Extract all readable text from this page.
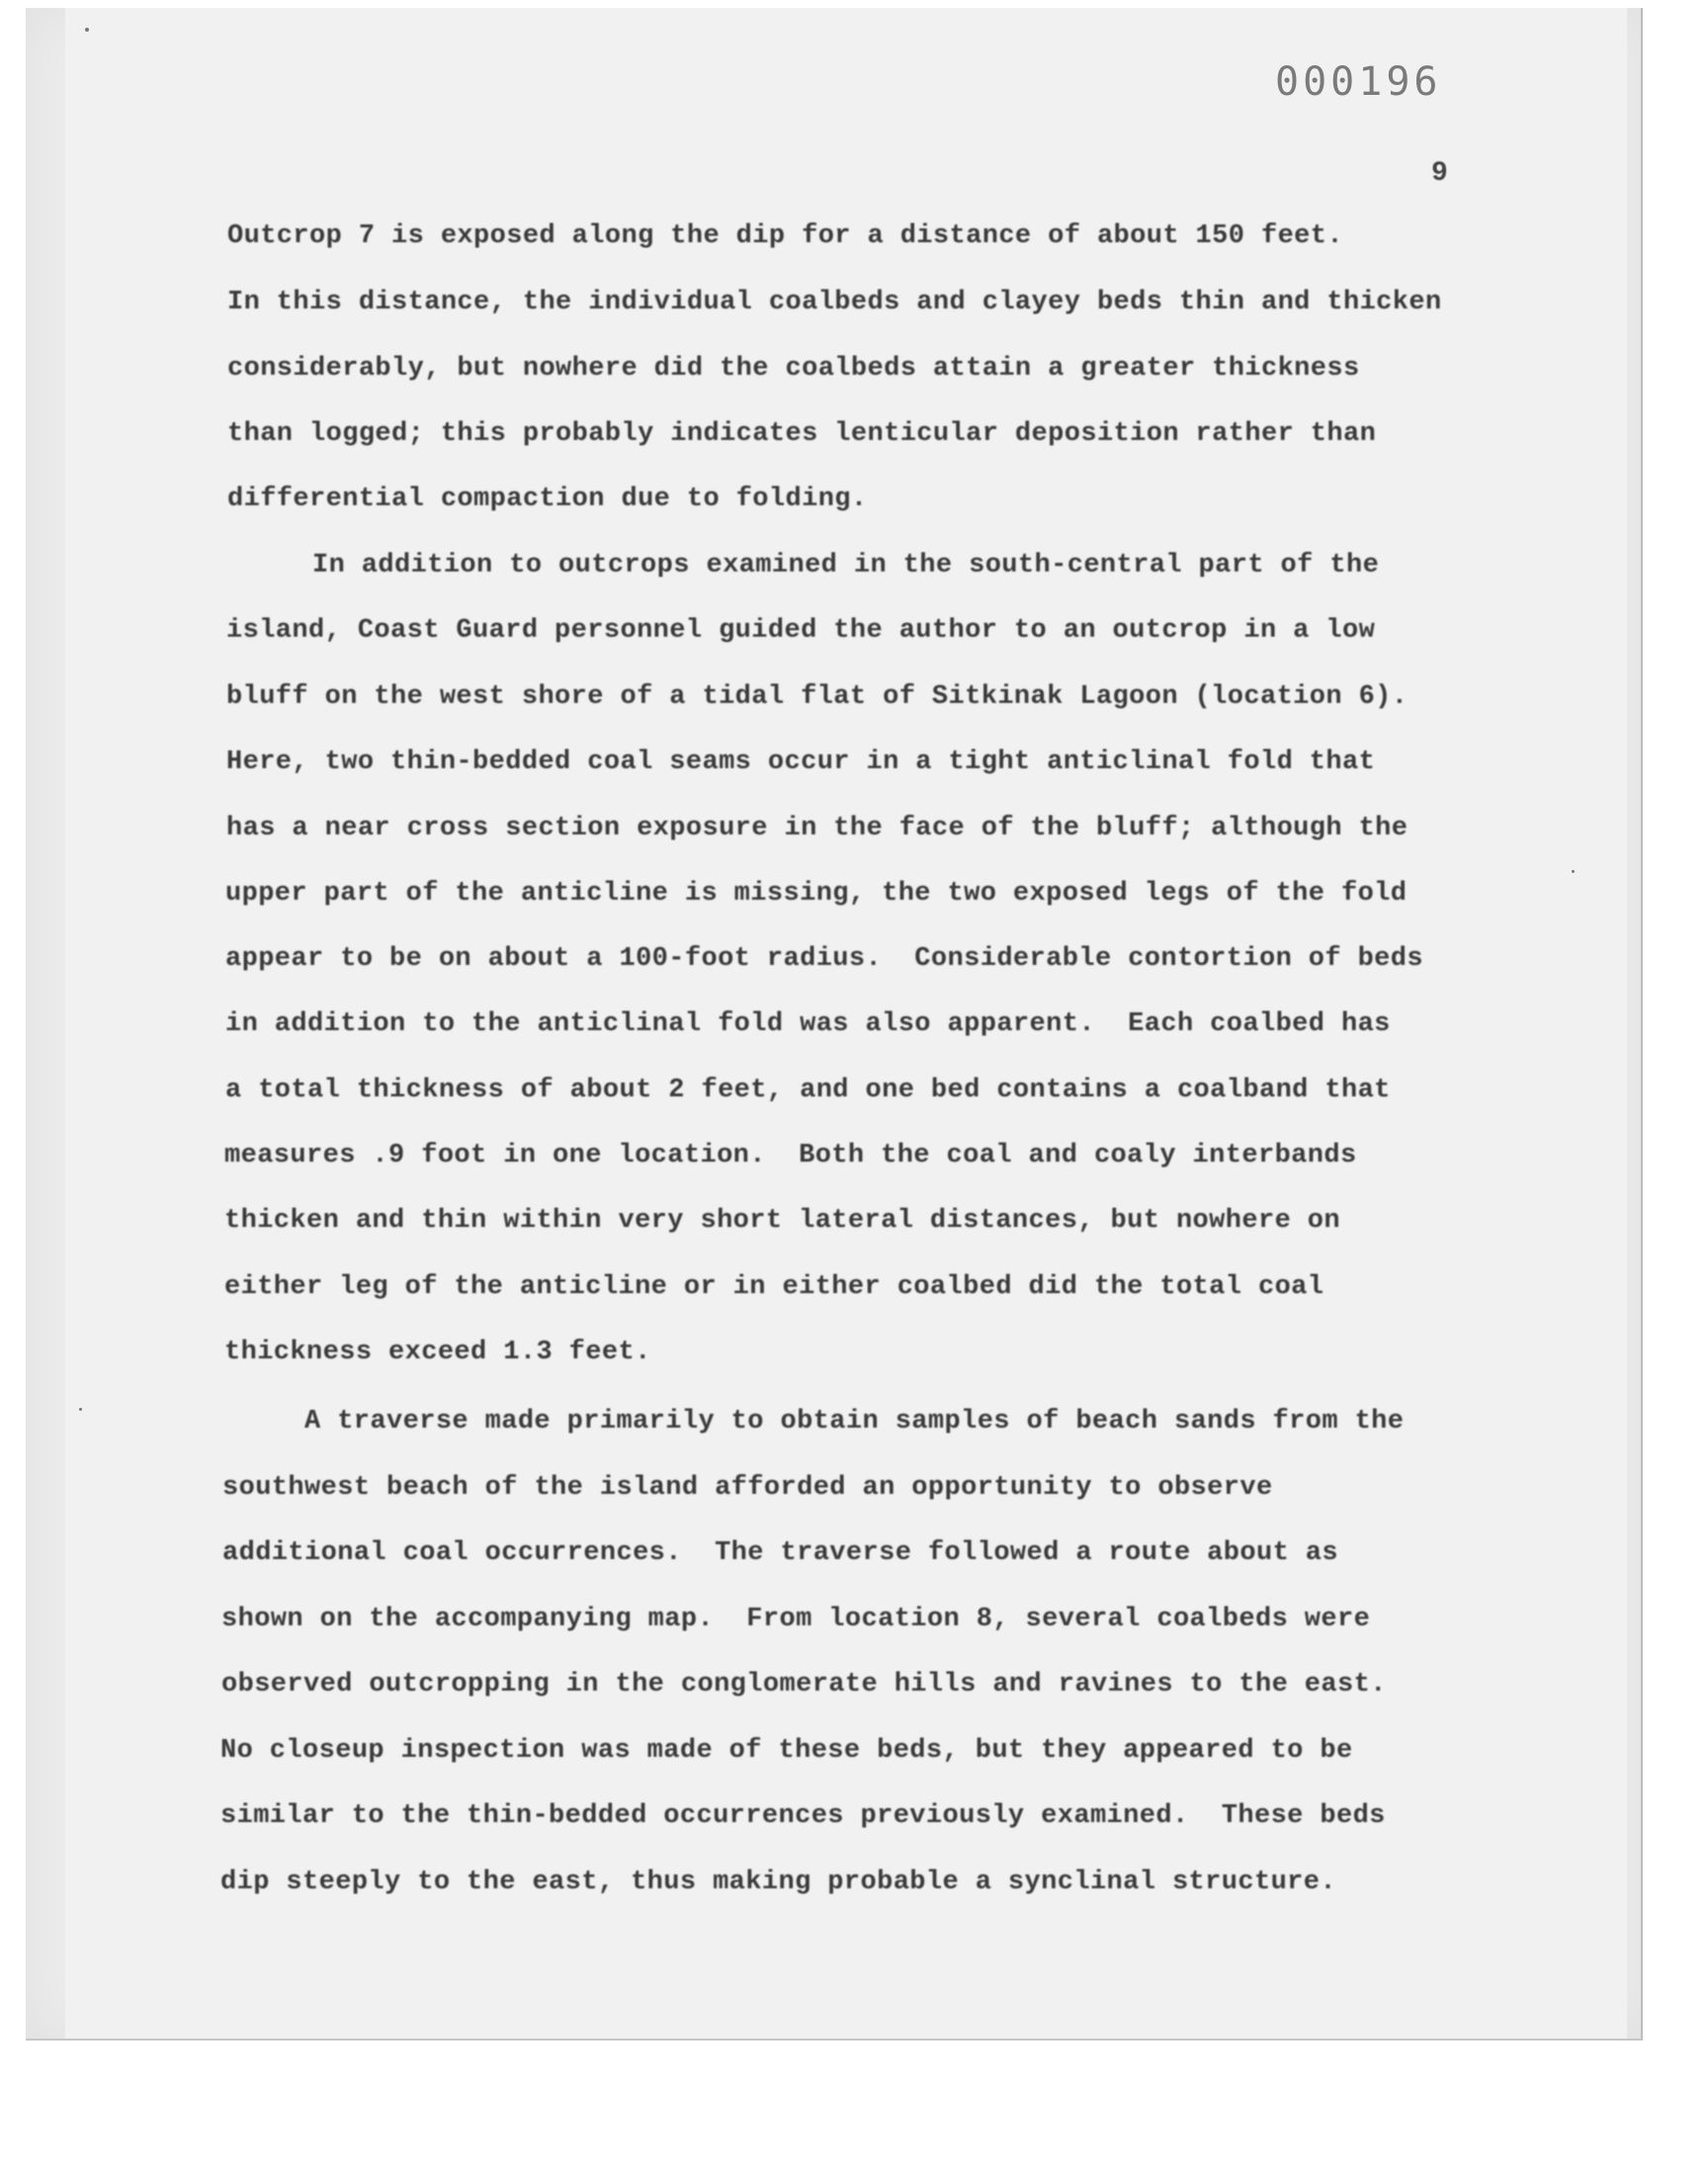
000196
9
Outcrop 7 is exposed along the dip for a distance of about 150 feet.
In this distance, the individual coalbeds and clayey beds thin and thicken
considerably, but nowhere did the coalbeds attain a greater thickness
than logged; this probably indicates lenticular deposition rather than
differential compaction due to folding.
In addition to outcrops examined in the south-central part of the
island, Coast Guard personnel guided the author to an outcrop in a low
bluff on the west shore of a tidal flat of Sitkinak Lagoon (location 6).
Here, two thin-bedded coal seams occur in a tight anticlinal fold that
has a near cross section exposure in the face of the bluff; although the
upper part of the anticline is missing, the two exposed legs of the fold
appear to be on about a 100-foot radius.  Considerable contortion of beds
in addition to the anticlinal fold was also apparent.  Each coalbed has
a total thickness of about 2 feet, and one bed contains a coalband that
measures .9 foot in one location.  Both the coal and coaly interbands
thicken and thin within very short lateral distances, but nowhere on
either leg of the anticline or in either coalbed did the total coal
thickness exceed 1.3 feet.
A traverse made primarily to obtain samples of beach sands from the
southwest beach of the island afforded an opportunity to observe
additional coal occurrences.  The traverse followed a route about as
shown on the accompanying map.  From location 8, several coalbeds were
observed outcropping in the conglomerate hills and ravines to the east.
No closeup inspection was made of these beds, but they appeared to be
similar to the thin-bedded occurrences previously examined.  These beds
dip steeply to the east, thus making probable a synclinal structure.
